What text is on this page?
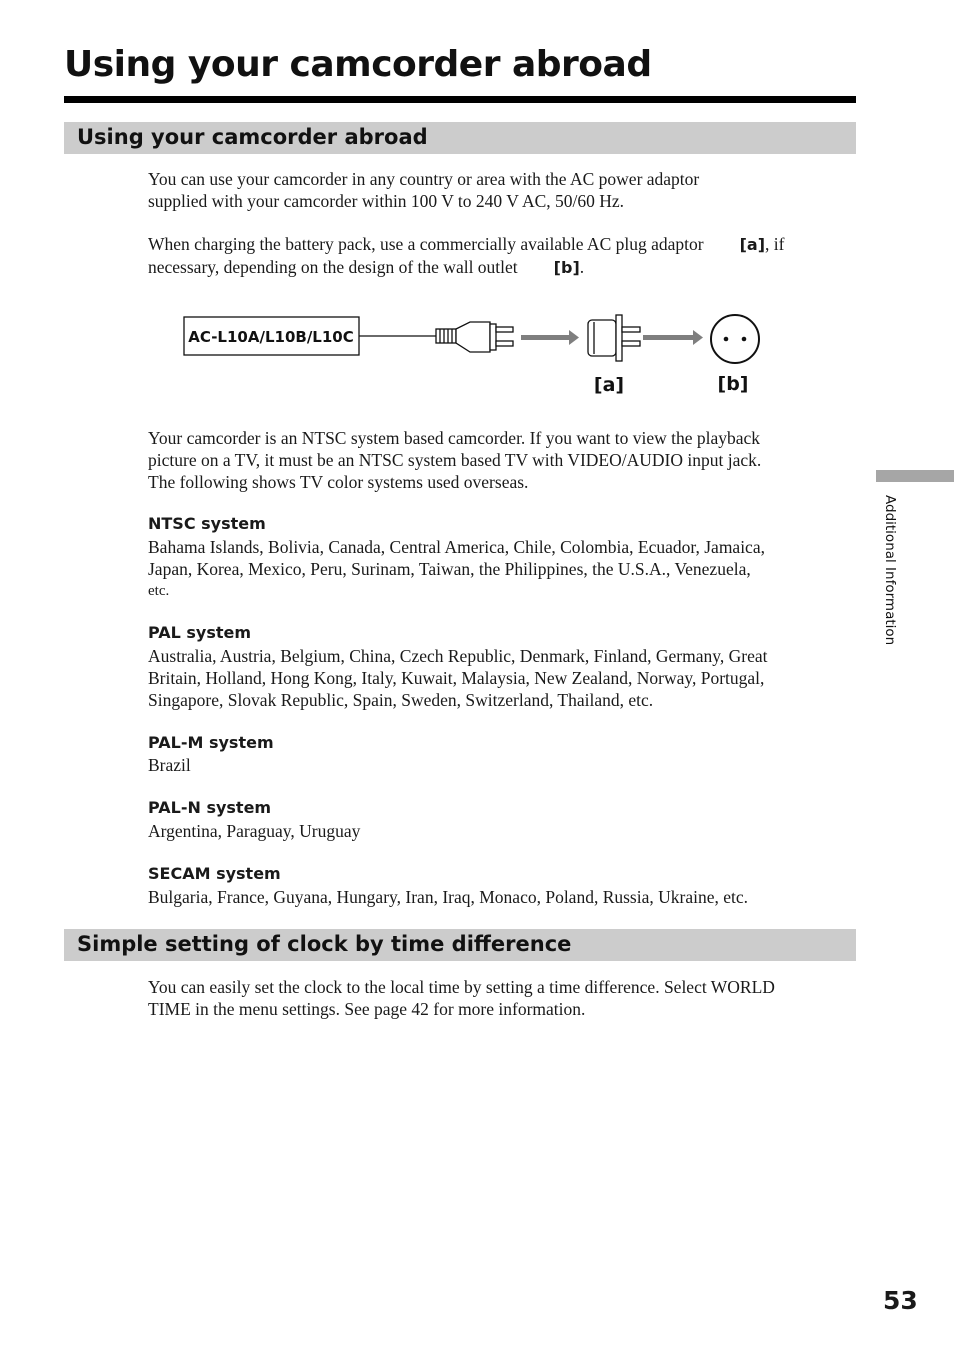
Using your camcorder abroad
Using your camcorder abroad

You can use your camcorder in any country or area with the AC power adaptor
supplied with your camcorder within 100 V to 240 V AC, 50/60 Hz.

When charging the battery pack, use a commercially available AC plug adaptor [a], if
necessary, depending on the design of the wall outlet [b].

AC-L10A/L10B/L10C
[a]	[b]

Your camcorder is an NTSC system based camcorder. If you want to view the playback
picture on a TV, it must be an NTSC system based TV with VIDEO/AUDIO input jack.
The following shows TV color systems used overseas.

NTSC system

Bahama Islands, Bolivia, Canada, Central America, Chile, Colombia, Ecuador, Jamaica,
Japan, Korea, Mexico, Peru, Surinam, Taiwan, the Philippines, the U.S.A., Venezuela,
etc.

PAL system

Australia, Austria, Belgium, China, Czech Republic, Denmark, Finland, Germany, Great
Britain, Holland, Hong Kong, Italy, Kuwait, Malaysia, New Zealand, Norway, Portugal,
Singapore, Slovak Republic, Spain, Sweden, Switzerland, Thailand, etc.

PAL-M system

Brazil

PAL-N system

Argentina, Paraguay, Uruguay

SECAM system

Bulgaria, France, Guyana, Hungary, Iran, Iraq, Monaco, Poland, Russia, Ukraine, etc.

Simple setting of clock by time difference

You can easily set the clock to the local time by setting a time difference. Select WORLD
TIME in the menu settings. See page 42 for more information.

Additional Information
53
